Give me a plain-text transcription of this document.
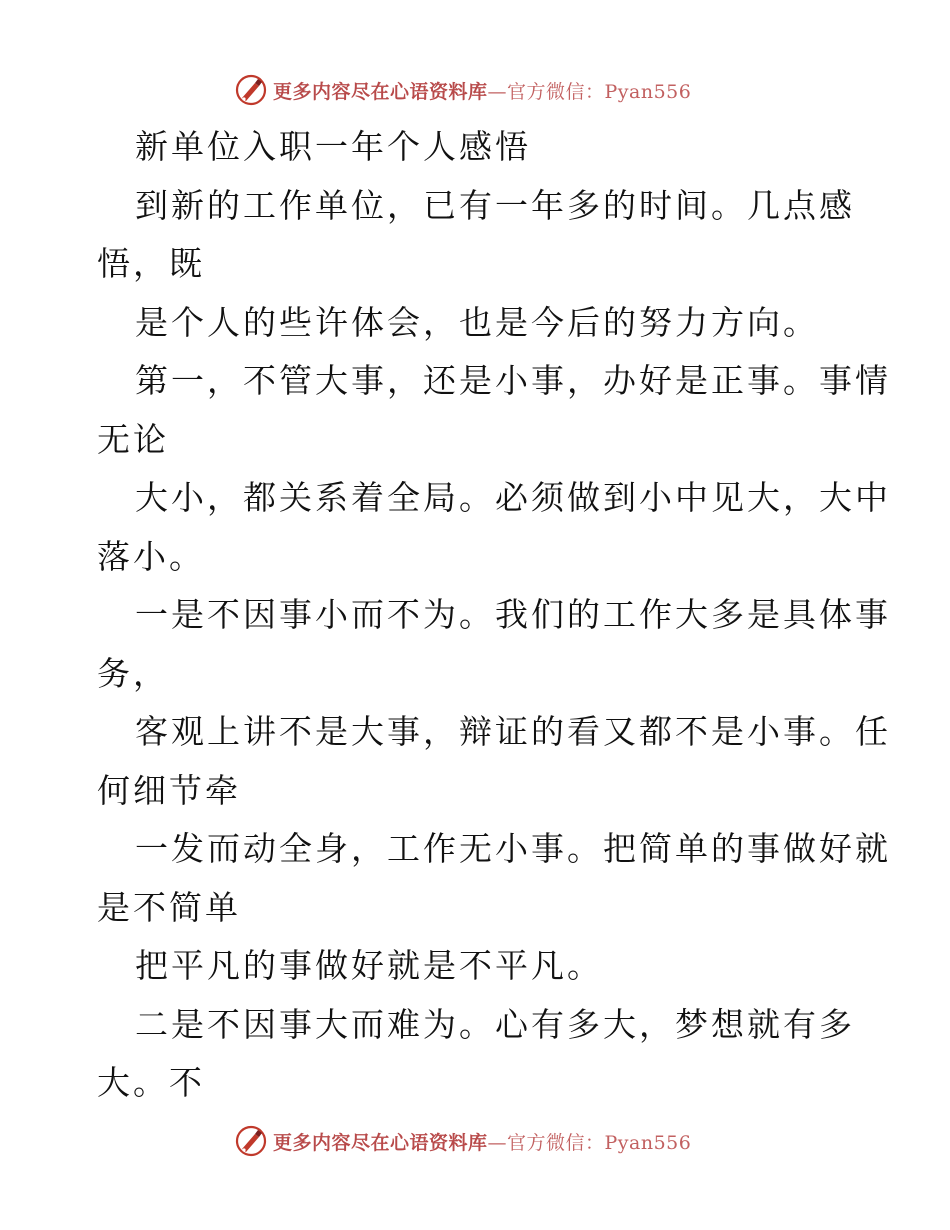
更多内容尽在心语资料库—官方微信：Pyan556
新单位入职一年个人感悟
到新的工作单位，已有一年多的时间。几点感
悟，既
是个人的些许体会，也是今后的努力方向。
第一，不管大事，还是小事，办好是正事。事情
无论
大小，都关系着全局。必须做到小中见大，大中
落小。
一是不因事小而不为。我们的工作大多是具体事
务，
客观上讲不是大事，辩证的看又都不是小事。任
何细节牵
一发而动全身，工作无小事。把简单的事做好就
是不简单
把平凡的事做好就是不平凡。
二是不因事大而难为。心有多大，梦想就有多
大。不
更多内容尽在心语资料库—官方微信：Pyan556
